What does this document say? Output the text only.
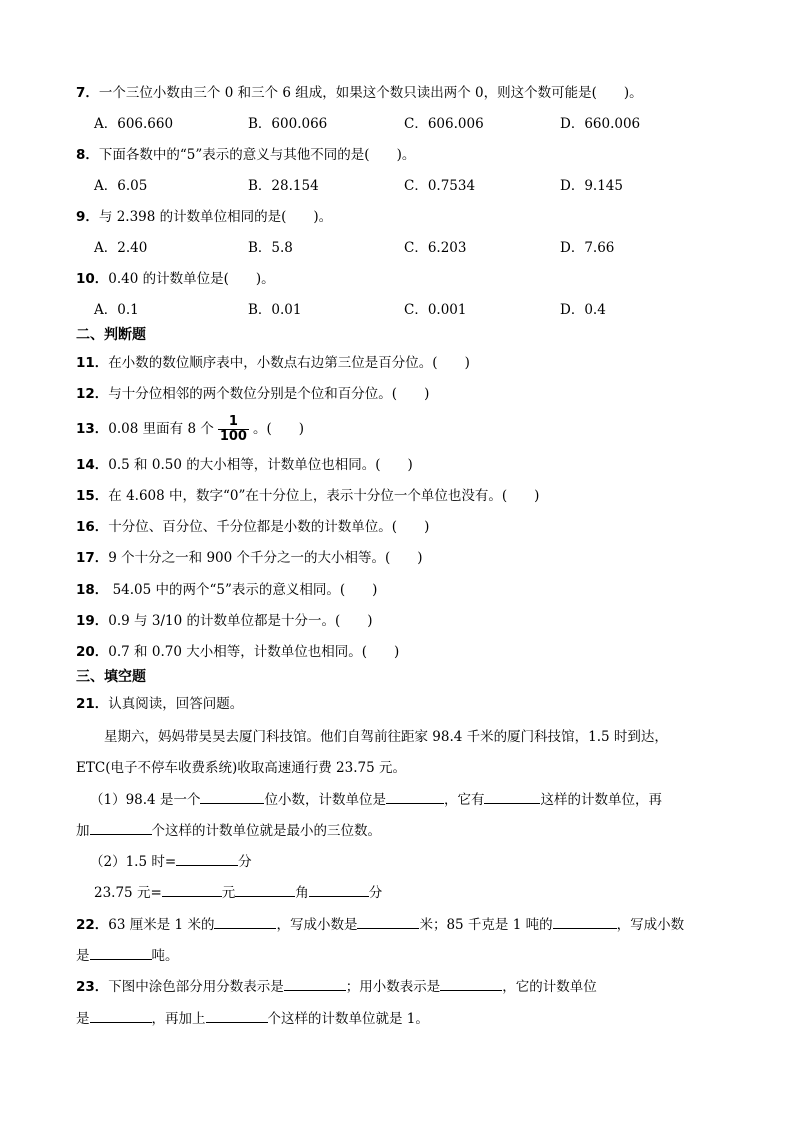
7．一个三位小数由三个 0 和三个 6 组成，如果这个数只读出两个 0，则这个数可能是(　　)。
A．606.660	B．600.066	C．606.006	D．660.006
8．下面各数中的“5”表示的意义与其他不同的是(　　)。
A．6.05	B．28.154	C．0.7534	D．9.145
9．与 2.398 的计数单位相同的是(　　)。
A．2.40	B．5.8	C．6.203	D．7.66
10．0.40 的计数单位是(　　)。
A．0.1	B．0.01	C．0.001	D．0.4
二、判断题
11．在小数的数位顺序表中，小数点右边第三位是百分位。(　　)
12．与十分位相邻的两个数位分别是个位和百分位。(　　)
13．0.08 里面有 8 个 $\frac{1}{100}$ 。(　　)
14．0.5 和 0.50 的大小相等，计数单位也相同。(　　)
15．在 4.608 中，数字“0”在十分位上，表示十分位一个单位也没有。(　　)
16．十分位、百分位、千分位都是小数的计数单位。(　　)
17．9 个十分之一和 900 个千分之一的大小相等。(　　)
18． 54.05 中的两个“5”表示的意义相同。(　　)
19．0.9 与 3/10 的计数单位都是十分一。(　　)
20．0.7 和 0.70 大小相等，计数单位也相同。(　　)
三、填空题
21．认真阅读，回答问题。
星期六，妈妈带昊昊去厦门科技馆。他们自驾前往距家 98.4 千米的厦门科技馆，1.5 时到达，
ETC(电子不停车收费系统)收取高速通行费 23.75 元。
（1）98.4 是一个	位小数，计数单位是	，它有	这样的计数单位，再
加	个这样的计数单位就是最小的三位数。
（2）1.5 时=	分
23.75 元=	元	角	分
22．63 厘米是 1 米的	，写成小数是	米；85 千克是 1 吨的	，写成小数
是	吨。
23．下图中涂色部分用分数表示是	；用小数表示是	，它的计数单位
是	，再加上	个这样的计数单位就是 1。
